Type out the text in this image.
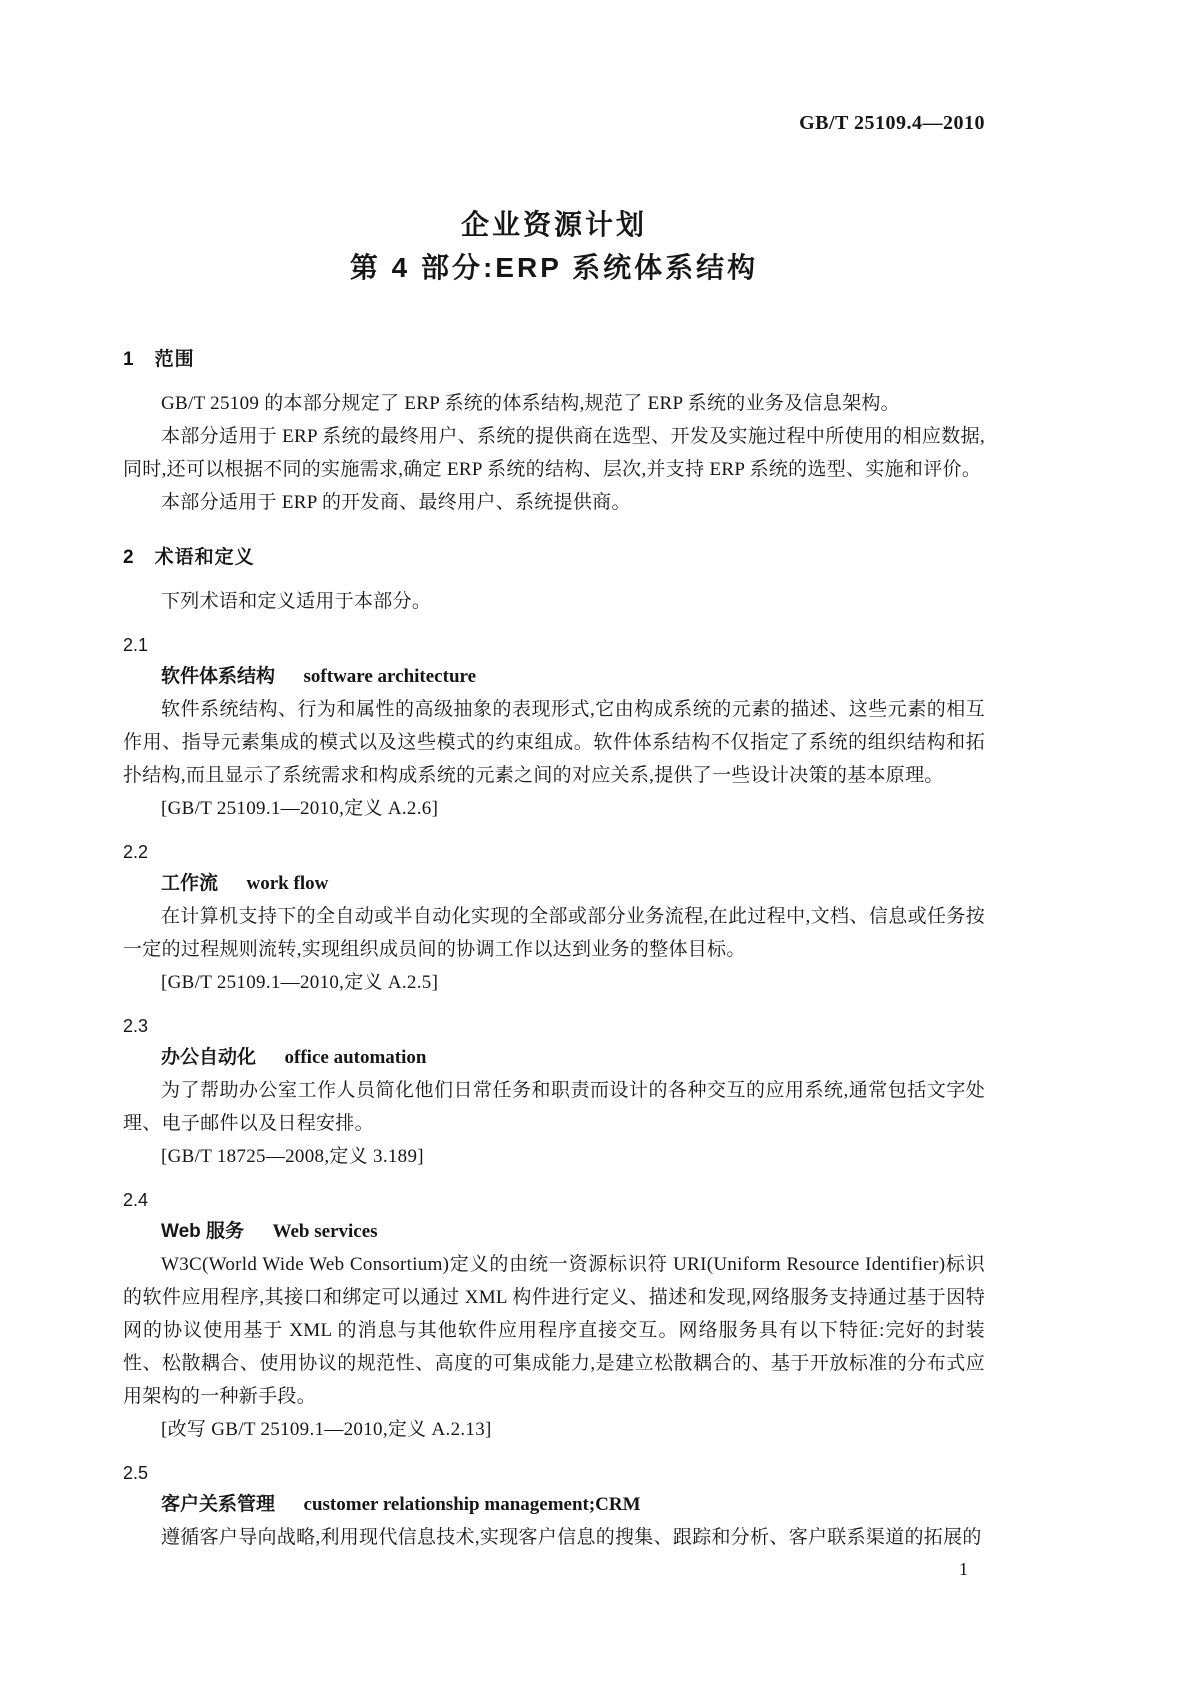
GB/T 25109.4—2010
企业资源计划
第 4 部分:ERP 系统体系结构
1　范围

GB/T 25109 的本部分规定了 ERP 系统的体系结构,规范了 ERP 系统的业务及信息架构。

本部分适用于 ERP 系统的最终用户、系统的提供商在选型、开发及实施过程中所使用的相应数据,同时,还可以根据不同的实施需求,确定 ERP 系统的结构、层次,并支持 ERP 系统的选型、实施和评价。

本部分适用于 ERP 的开发商、最终用户、系统提供商。

2　术语和定义

下列术语和定义适用于本部分。

2.1
软件体系结构 software architecture

软件系统结构、行为和属性的高级抽象的表现形式,它由构成系统的元素的描述、这些元素的相互作用、指导元素集成的模式以及这些模式的约束组成。软件体系结构不仅指定了系统的组织结构和拓扑结构,而且显示了系统需求和构成系统的元素之间的对应关系,提供了一些设计决策的基本原理。

[GB/T 25109.1—2010,定义 A.2.6]
2.2
工作流 work flow

在计算机支持下的全自动或半自动化实现的全部或部分业务流程,在此过程中,文档、信息或任务按一定的过程规则流转,实现组织成员间的协调工作以达到业务的整体目标。

[GB/T 25109.1—2010,定义 A.2.5]
2.3
办公自动化 office automation

为了帮助办公室工作人员简化他们日常任务和职责而设计的各种交互的应用系统,通常包括文字处理、电子邮件以及日程安排。

[GB/T 18725—2008,定义 3.189]
2.4
Web 服务 Web services

W3C(World Wide Web Consortium)定义的由统一资源标识符 URI(Uniform Resource Identifier)标识的软件应用程序,其接口和绑定可以通过 XML 构件进行定义、描述和发现,网络服务支持通过基于因特网的协议使用基于 XML 的消息与其他软件应用程序直接交互。网络服务具有以下特征:完好的封装性、松散耦合、使用协议的规范性、高度的可集成能力,是建立松散耦合的、基于开放标准的分布式应用架构的一种新手段。

[改写 GB/T 25109.1—2010,定义 A.2.13]
2.5
客户关系管理 customer relationship management;CRM

遵循客户导向战略,利用现代信息技术,实现客户信息的搜集、跟踪和分析、客户联系渠道的拓展的

1
